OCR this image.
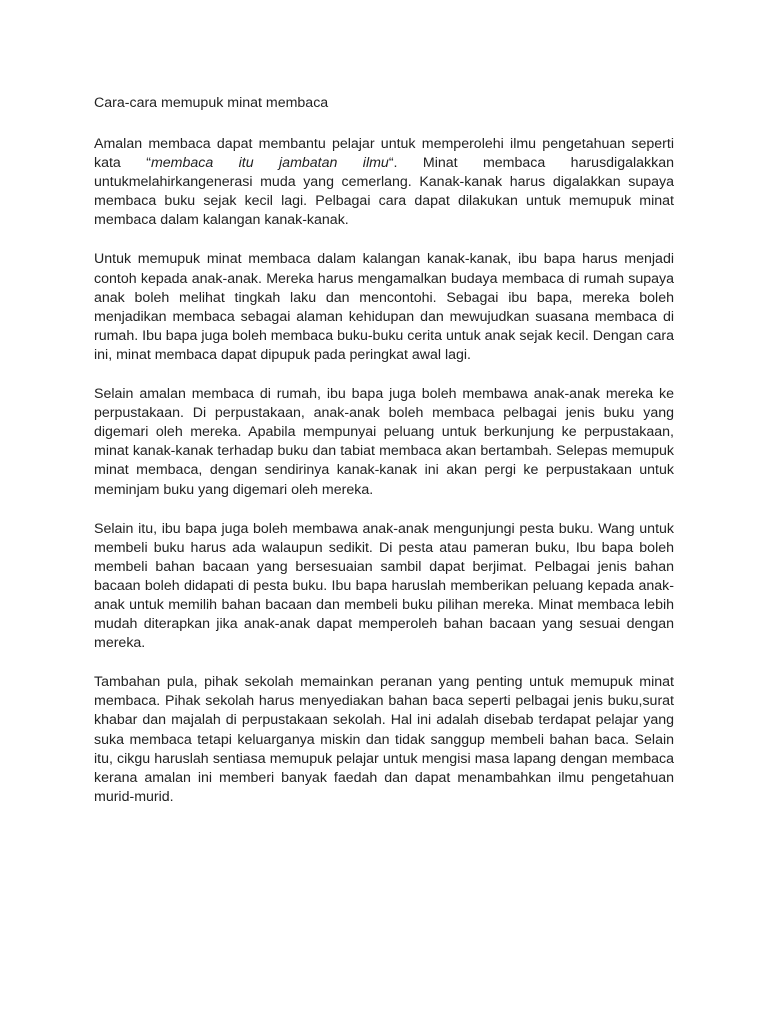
Cara-cara memupuk minat membaca

Amalan membaca dapat membantu pelajar untuk memperolehi ilmu pengetahuan seperti kata “membaca itu jambatan ilmu“. Minat membaca harusdigalakkan untukmelahirkangenerasi muda yang cemerlang. Kanak-kanak harus digalakkan supaya membaca buku sejak kecil lagi. Pelbagai cara dapat dilakukan untuk memupuk minat membaca dalam kalangan kanak-kanak.

Untuk memupuk minat membaca dalam kalangan kanak-kanak, ibu bapa harus menjadi contoh kepada anak-anak. Mereka harus mengamalkan budaya membaca di rumah supaya anak boleh melihat tingkah laku dan mencontohi. Sebagai ibu bapa, mereka boleh menjadikan membaca sebagai alaman kehidupan dan mewujudkan suasana membaca di rumah. Ibu bapa juga boleh membaca buku-buku cerita untuk anak sejak kecil. Dengan cara ini, minat membaca dapat dipupuk pada peringkat awal lagi.

Selain amalan membaca di rumah, ibu bapa juga boleh membawa anak-anak mereka ke perpustakaan. Di perpustakaan, anak-anak boleh membaca pelbagai jenis buku yang digemari oleh mereka. Apabila mempunyai peluang untuk berkunjung ke perpustakaan, minat kanak-kanak terhadap buku dan tabiat membaca akan bertambah. Selepas memupuk minat membaca, dengan sendirinya kanak-kanak ini akan pergi ke perpustakaan untuk meminjam buku yang digemari oleh mereka.

Selain itu, ibu bapa juga boleh membawa anak-anak mengunjungi pesta buku. Wang untuk membeli buku harus ada walaupun sedikit. Di pesta atau pameran buku, Ibu bapa boleh membeli bahan bacaan yang bersesuaian sambil dapat berjimat. Pelbagai jenis bahan bacaan boleh didapati di pesta buku. Ibu bapa haruslah memberikan peluang kepada anak-anak untuk memilih bahan bacaan dan membeli buku pilihan mereka. Minat membaca lebih mudah diterapkan jika anak-anak dapat memperoleh bahan bacaan yang sesuai dengan mereka.

Tambahan pula, pihak sekolah memainkan peranan yang penting untuk memupuk minat membaca. Pihak sekolah harus menyediakan bahan baca seperti pelbagai jenis buku,surat khabar dan majalah di perpustakaan sekolah. Hal ini adalah disebab terdapat pelajar yang suka membaca tetapi keluarganya miskin dan tidak sanggup membeli bahan baca. Selain itu, cikgu haruslah sentiasa memupuk pelajar untuk mengisi masa lapang dengan membaca kerana amalan ini memberi banyak faedah dan dapat menambahkan ilmu pengetahuan murid-murid.
